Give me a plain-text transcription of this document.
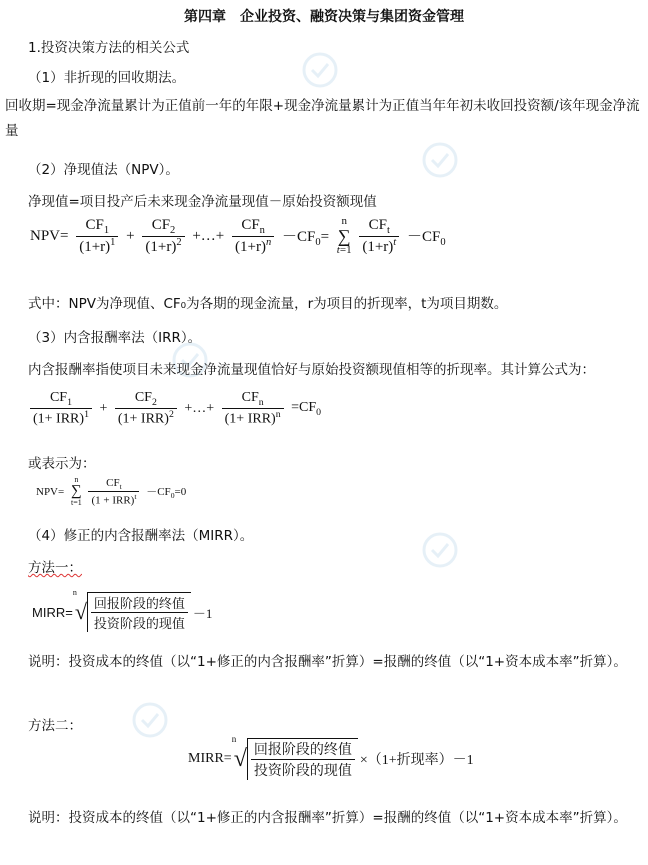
第四章　企业投资、融资决策与集团资金管理
1.投资决策方法的相关公式
（1）非折现的回收期法。
回收期=现金净流量累计为正值前一年的年限+现金净流量累计为正值当年年初未收回投资额/该年现金净流量
（2）净现值法（NPV）。
净现值=项目投产后未来现金净流量现值－原始投资额现值
$NPV= \frac{CF_1}{(1+r)^1} + \frac{CF_2}{(1+r)^2}$ +…+ $\frac{CF_n}{(1+r)^n} -CF_0=$
n
∑
t=1
$\frac{CF_t}{(1+r)^t} -CF_0$
式中：NPV为净现值、CF₀为各期的现金流量，r为项目的折现率，t为项目期数。
（3）内含报酬率法（IRR）。
内含报酬率指使项目未来现金净流量现值恰好与原始投资额现值相等的折现率。其计算公式为：
$\frac{CF_1}{(1+ IRR)^1} + \frac{CF_2}{(1+ IRR)^2}$ +…+ $\frac{CF_n}{(1+ IRR)^n} =CF_0$
或表示为：
NPV=
n
∑
t=1
$\frac{CF_t}{(1 + IRR)^t} -CF_0=0$
（4）修正的内含报酬率法（MIRR）。
方法一：
MIRR=
n
√ $\frac{\text{回报阶段的终值}}{\text{投资阶段的现值}} -1$
说明：投资成本的终值（以“1+修正的内含报酬率”折算）=报酬的终值（以“1+资本成本率”折算）。
方法二：
MIRR=
n
√ $\frac{\text{回报阶段的终值}}{\text{投资阶段的现值}} \times(1+$折现率）－1
说明：投资成本的终值（以“1+修正的内含报酬率”折算）=报酬的终值（以“1+资本成本率”折算）。
